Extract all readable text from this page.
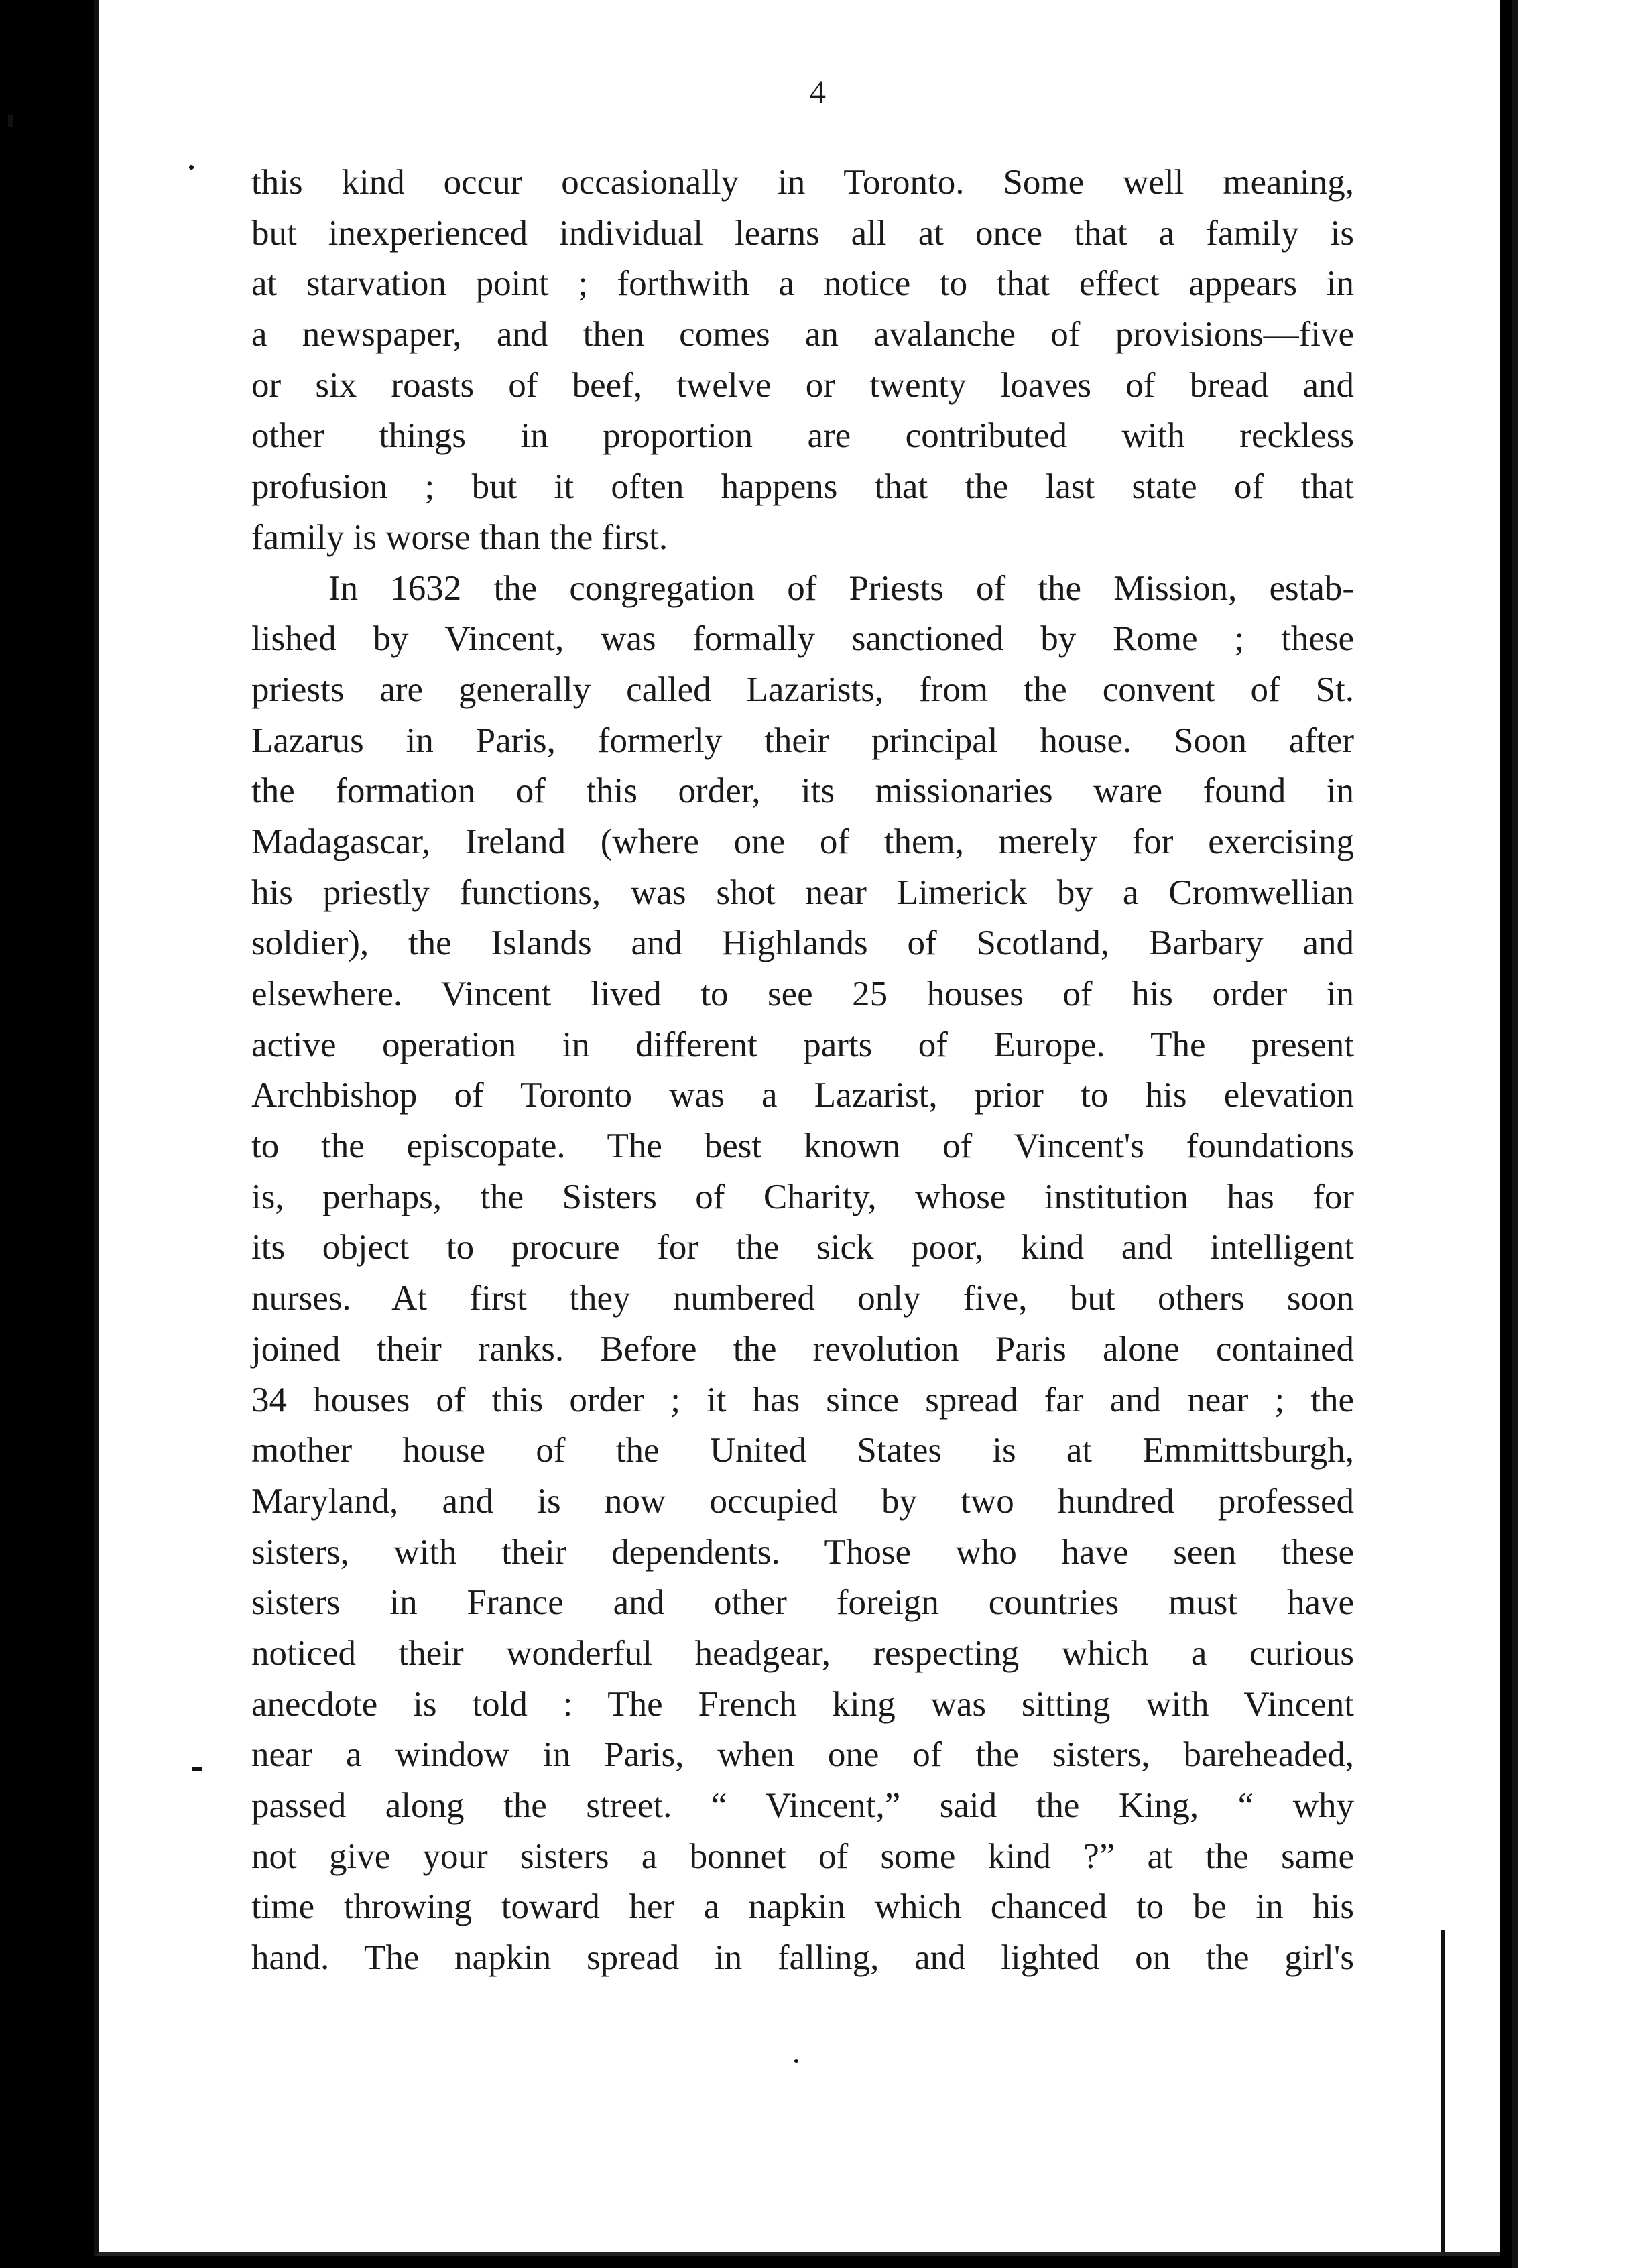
4
this kind occur occasionally in Toronto. Some well meaning,
but inexperienced individual learns all at once that a family is
at starvation point ; forthwith a notice to that effect appears in
a newspaper, and then comes an avalanche of provisions—five
or six roasts of beef, twelve or twenty loaves of bread and
other things in proportion are contributed with reckless
profusion ; but it often happens that the last state of that
family is worse than the first.
In 1632 the congregation of Priests of the Mission, estab-
lished by Vincent, was formally sanctioned by Rome ; these
priests are generally called Lazarists, from the convent of St.
Lazarus in Paris, formerly their principal house. Soon after
the formation of this order, its missionaries ware found in
Madagascar, Ireland (where one of them, merely for exercising
his priestly functions, was shot near Limerick by a Cromwellian
soldier), the Islands and Highlands of Scotland, Barbary and
elsewhere. Vincent lived to see 25 houses of his order in
active operation in different parts of Europe. The present
Archbishop of Toronto was a Lazarist, prior to his elevation
to the episcopate. The best known of Vincent's foundations
is, perhaps, the Sisters of Charity, whose institution has for
its object to procure for the sick poor, kind and intelligent
nurses. At first they numbered only five, but others soon
joined their ranks. Before the revolution Paris alone contained
34 houses of this order ; it has since spread far and near ; the
mother house of the United States is at Emmittsburgh,
Maryland, and is now occupied by two hundred professed
sisters, with their dependents. Those who have seen these
sisters in France and other foreign countries must have
noticed their wonderful headgear, respecting which a curious
anecdote is told : The French king was sitting with Vincent
near a window in Paris, when one of the sisters, bareheaded,
passed along the street. “ Vincent,” said the King, “ why
not give your sisters a bonnet of some kind ?” at the same
time throwing toward her a napkin which chanced to be in his
hand. The napkin spread in falling, and lighted on the girl's
